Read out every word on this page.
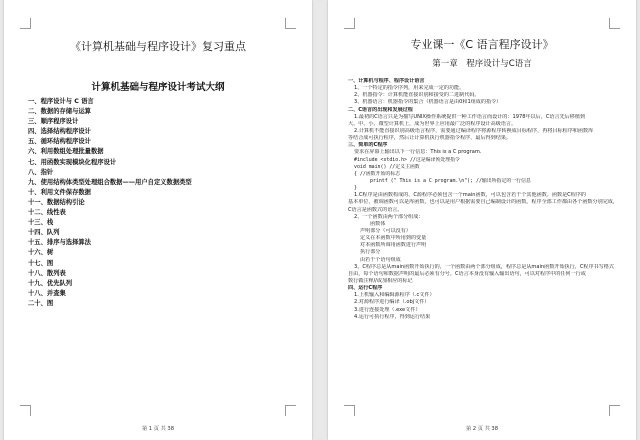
《计算机基础与程序设计》复习重点
计算机基础与程序设计考试大纲
一、程序设计与 C 语言
二、数据的存储与运算
三、顺序程序设计
四、选择结构程序设计
五、循环结构程序设计
六、利用数组处理批量数据
七、用函数实现模块化程序设计
八、指针
九、使用结构体类型处理组合数据——用户自定义数据类型
十、利用文件保存数据
十一、数据结构引论
十二、线性表
十三、栈
十四、队列
十五、排序与选择算法
十六、树
十七、图
十八、散列表
十九、优先队列
十八、并查集
二十、图
第 1 页 共 38
专业课一《C 语言程序设计》
第一章　程序设计与C语言
一、计算机与程序、程序设计语言
1、一个特定的指令序列，用来完成一定的功能。
2、机器指令：计算机能直接识别和接受的二进制代码。
3、机器语言：机器指令的集合（机器语言是由0和1组成的指令）
二、C语言的出现和发展过程
1.最初的C语言只是为描写UNIX操作系统提供一种工作语言而设计的：1978年以后，C语言先后移植到
大、中、小、微型计算机上，成为世界上应用最广泛的程序设计高级语言。
2.计算机不能直接识别高级语言程序，需要通过编译程序将源程序转换成目标程序，再将目标程序和函数库
等结合成可执行程序，然后让计算机执行机器指令程序，最后得到结果。
三、简单的C程序
要求在屏幕上输出以下一行信息：This is a C program.
#include <stdio.h> //这是编译预处理指令
void main() //定义主函数
{ //函数开始的标志
printf (" This is a C program.\n"); //输出所指定的一行信息
}
1.C程序是由函数构成的，C源程序必须包含一个main函数，可以包含若干个其他函数。函数是C程序的
基本单位，被调函数可以是库函数，也可以是用户根据需要自己编制设计的函数。程序全部工作都由各个函数分别完成，
C语言是函数式的语言。
2、一个函数由两个部分组成：
函数体
声明部分（可以没有）
定义在本函数中所用到的变量
对本函数所调用函数进行声明
执行部分
由若干个语句组成
3、C程序总是从main函数开始执行的，一个函数由两个部分组成，程序总是从main函数开始执行，C程序书写格式
自由，每个语句和数据声明的最后必须有分号。C语言本身没有输入输出语句，可以对程序中的任何一行或
数行做注释//或加相应的标记
四、运行C程序
1.上机输入和编辑源程序（.c文件）
2.对源程序进行编译（.obj文件）
3.进行连接处理（.exe文件）
4.运行可执行程序，得到运行结果
第 2 页 共 38
